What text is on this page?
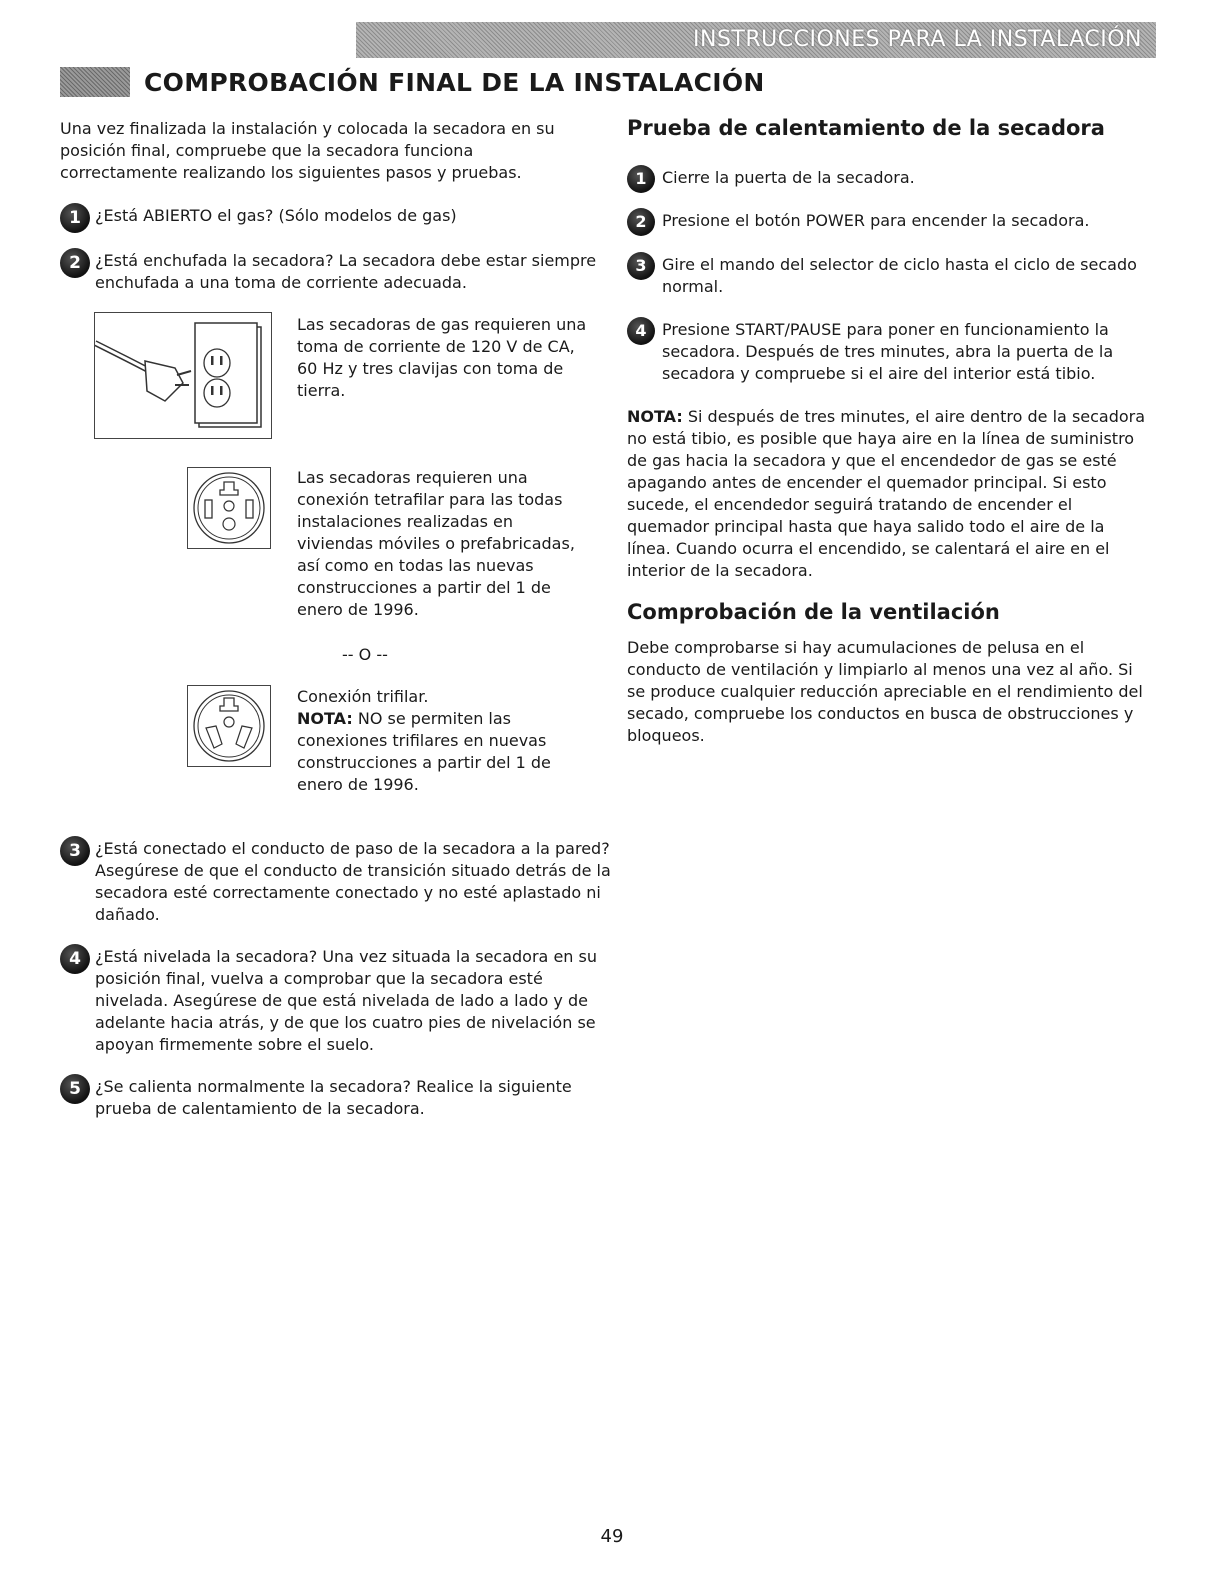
INSTRUCCIONES PARA LA INSTALACIÓN
COMPROBACIÓN FINAL DE LA INSTALACIÓN

Una vez finalizada la instalación y colocada la secadora en su posición final, compruebe que la secadora funciona correctamente realizando los siguientes pasos y pruebas.

1 ¿Está ABIERTO el gas? (Sólo modelos de gas)
2 ¿Está enchufada la secadora? La secadora debe estar siempre enchufada a una toma de corriente adecuada.
Las secadoras de gas requieren una toma de corriente de 120 V de CA, 60 Hz y tres clavijas con toma de tierra.
Las secadoras requieren una conexión tetrafilar para las todas instalaciones realizadas en viviendas móviles o prefabricadas, así como en todas las nuevas construcciones a partir del 1 de enero de 1996.
-- O --
Conexión trifilar.
NOTA: NO se permiten las conexiones trifilares en nuevas construcciones a partir del 1 de enero de 1996.
3 ¿Está conectado el conducto de paso de la secadora a la pared? Asegúrese de que el conducto de transición situado detrás de la secadora esté correctamente conectado y no esté aplastado ni dañado.
4 ¿Está nivelada la secadora? Una vez situada la secadora en su posición final, vuelva a comprobar que la secadora esté nivelada. Asegúrese de que está nivelada de lado a lado y de adelante hacia atrás, y de que los cuatro pies de nivelación se apoyan firmemente sobre el suelo.
5 ¿Se calienta normalmente la secadora? Realice la siguiente prueba de calentamiento de la secadora.
Prueba de calentamiento de la secadora
1 Cierre la puerta de la secadora.
2 Presione el botón POWER para encender la secadora.
3 Gire el mando del selector de ciclo hasta el ciclo de secado normal.
4 Presione START/PAUSE para poner en funcionamiento la secadora. Después de tres minutes, abra la puerta de la secadora y compruebe si el aire del interior está tibio.

NOTA: Si después de tres minutes, el aire dentro de la secadora no está tibio, es posible que haya aire en la línea de suministro de gas hacia la secadora y que el encendedor de gas se esté apagando antes de encender el quemador principal. Si esto sucede, el encendedor seguirá tratando de encender el quemador principal hasta que haya salido todo el aire de la línea. Cuando ocurra el encendido, se calentará el aire en el interior de la secadora.

Comprobación de la ventilación

Debe comprobarse si hay acumulaciones de pelusa en el conducto de ventilación y limpiarlo al menos una vez al año. Si se produce cualquier reducción apreciable en el rendimiento del secado, compruebe los conductos en busca de obstrucciones y bloqueos.

49
